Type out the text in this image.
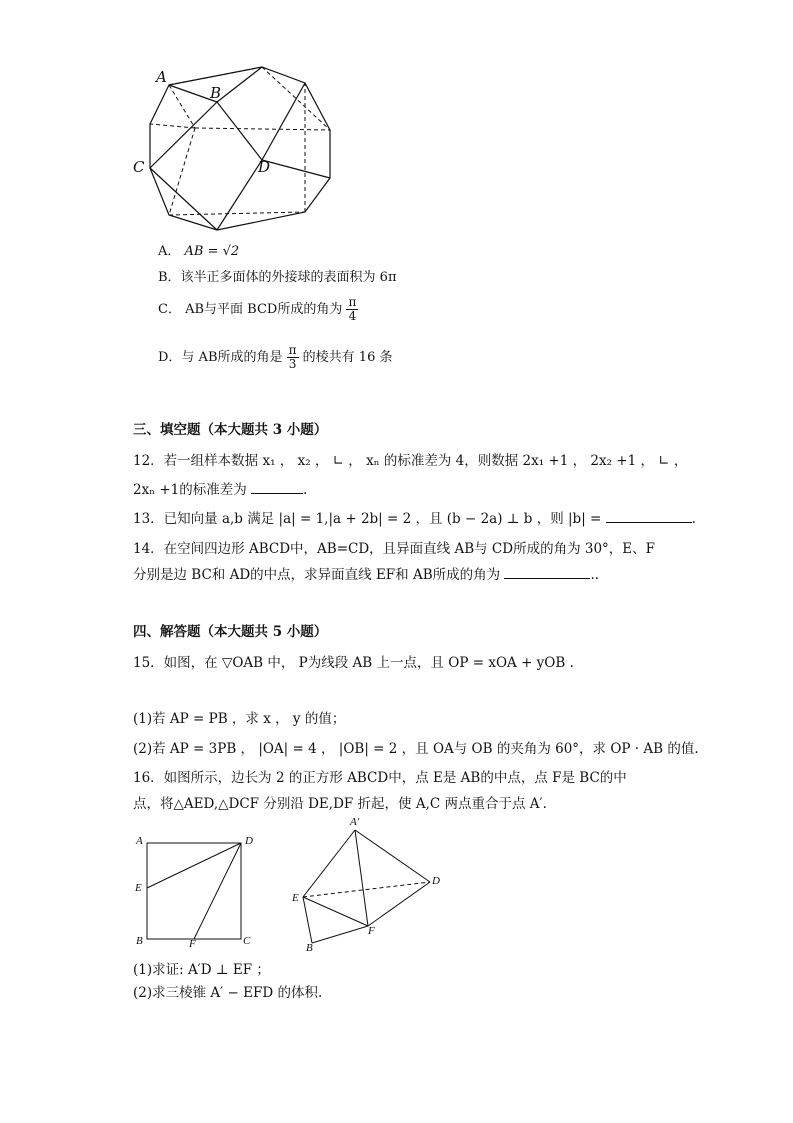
A
B
C	D
A． AB = √2
B．该半正多面体的外接球的表面积为 6π
C． AB与平面 BCD所成的角为 $\frac{\pi}{4}$
D．与 AB所成的角是 $\frac{\pi}{3}$ 的棱共有 16 条
三、填空题（本大题共 3 小题）
12．若一组样本数据 x₁ ， x₂ ， ∟ ， xₙ 的标准差为 4，则数据 2x₁ +1 ， 2x₂ +1 ， ∟ ，
2xₙ +1的标准差为	.
13．已知向量 a,b 满足 |a| = 1,|a + 2b| = 2 ，且 (b − 2a) ⊥ b ，则 |b| =	.
14．在空间四边形 ABCD中，AB=CD，且异面直线 AB与 CD所成的角为 30°，E、F
分别是边 BC和 AD的中点，求异面直线 EF和 AB所成的角为	..
四、解答题（本大题共 5 小题）
15．如图，在 ▽OAB 中， P为线段 AB 上一点，且 OP = xOA + yOB .
(1)若 AP = PB ，求 x ， y 的值；
(2)若 AP = 3PB ， |OA| = 4 ， |OB| = 2 ，且 OA与 OB 的夹角为 60°，求 OP · AB 的值.
16．如图所示，边长为 2 的正方形 ABCD中，点 E是 AB的中点，点 F是 BC的中
点，将△AED,△DCF 分别沿 DE,DF 折起，使 A,C 两点重合于点 A′.
A	D
E
B	F	C
A′
D
E
F
B
(1)求证: A′D ⊥ EF ；
(2)求三棱锥 A′ − EFD 的体积.
